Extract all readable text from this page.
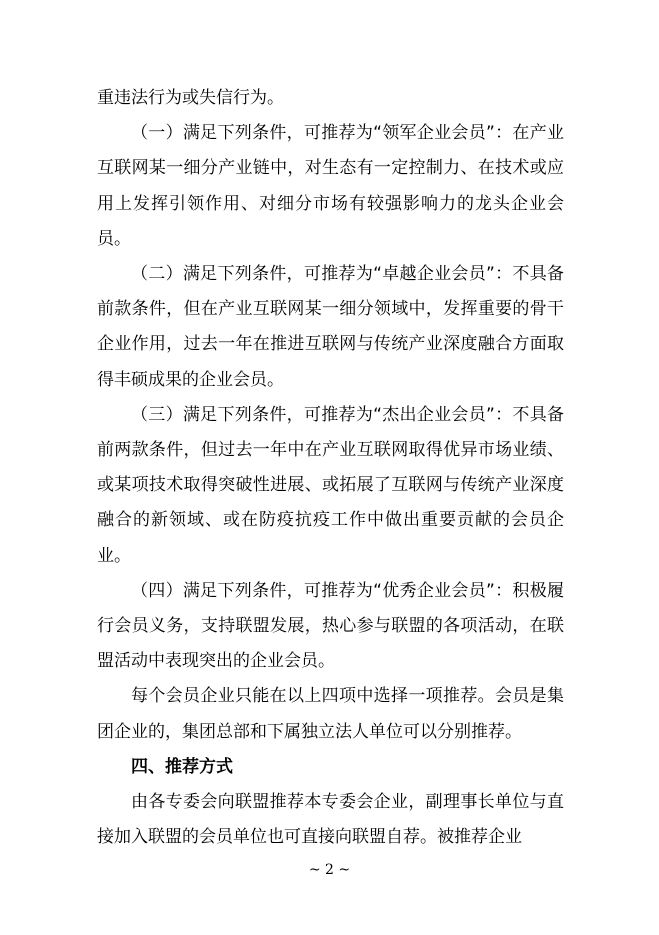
重违法行为或失信行为。

（一）满足下列条件，可推荐为“领军企业会员”：在产业互联网某一细分产业链中，对生态有一定控制力、在技术或应用上发挥引领作用、对细分市场有较强影响力的龙头企业会员。

（二）满足下列条件，可推荐为“卓越企业会员”：不具备前款条件，但在产业互联网某一细分领域中，发挥重要的骨干企业作用，过去一年在推进互联网与传统产业深度融合方面取得丰硕成果的企业会员。

（三）满足下列条件，可推荐为“杰出企业会员”：不具备前两款条件，但过去一年中在产业互联网取得优异市场业绩、或某项技术取得突破性进展、或拓展了互联网与传统产业深度融合的新领域、或在防疫抗疫工作中做出重要贡献的会员企业。

（四）满足下列条件，可推荐为“优秀企业会员”：积极履行会员义务，支持联盟发展，热心参与联盟的各项活动，在联盟活动中表现突出的企业会员。

每个会员企业只能在以上四项中选择一项推荐。会员是集团企业的，集团总部和下属独立法人单位可以分别推荐。

四、推荐方式

由各专委会向联盟推荐本专委会企业，副理事长单位与直接加入联盟的会员单位也可直接向联盟自荐。被推荐企业

~ 2 ~
